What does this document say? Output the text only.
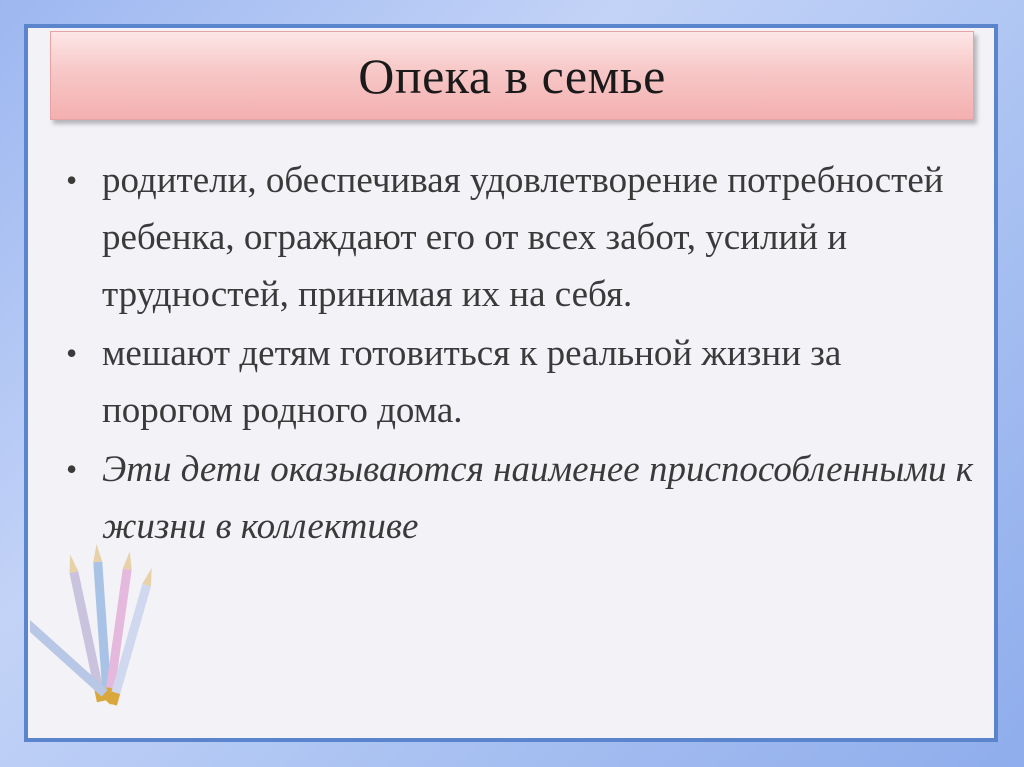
Опека в семье
• родители, обеспечивая удовлетворение потребностей ребенка, ограждают его от всех забот, усилий и трудностей, принимая их на себя.
• мешают детям готовиться к реальной жизни за порогом родного дома.
• Эти дети оказываются наименее приспособленными к жизни в коллективе
